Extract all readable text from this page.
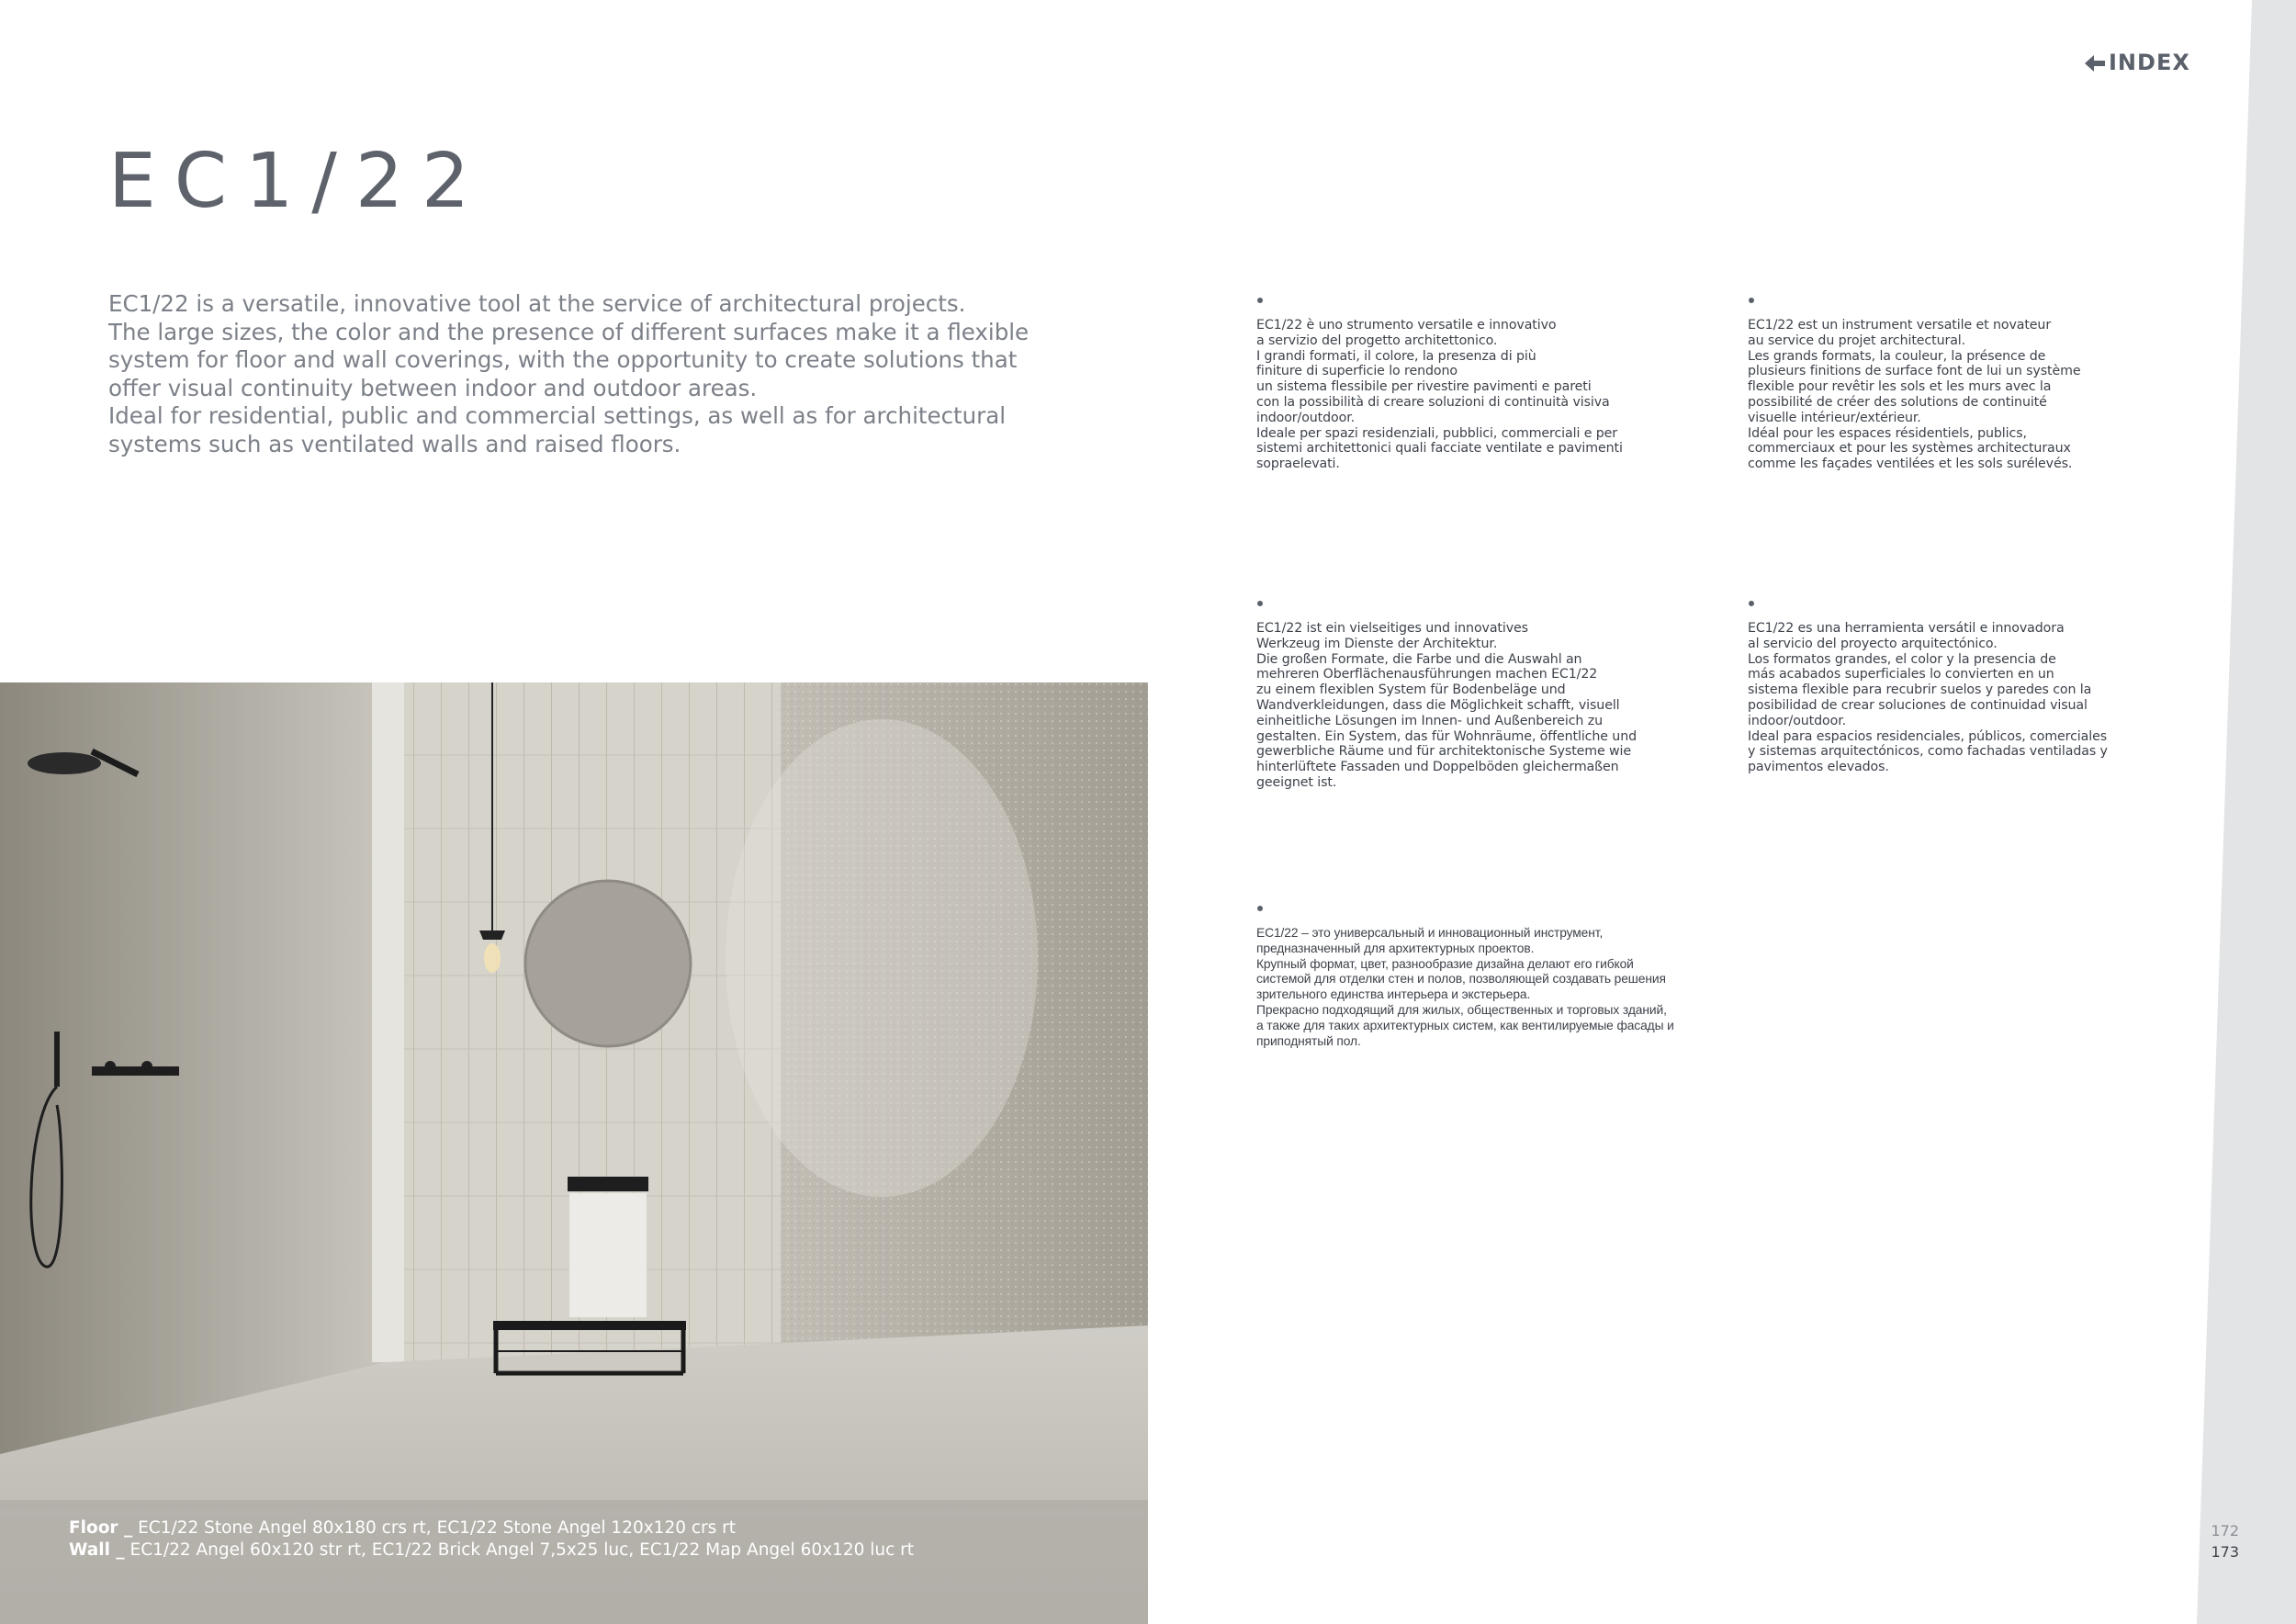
INDEX
EC1/22

EC1/22 is a versatile, innovative tool at the service of architectural projects.

The large sizes, the color and the presence of different surfaces make it a flexible

system for floor and wall coverings, with the opportunity to create solutions that

offer visual continuity between indoor and outdoor areas.

Ideal for residential, public and commercial settings, as well as for architectural

systems such as ventilated walls and raised floors.

EC1/22 è uno strumento versatile e innovativo

a servizio del progetto architettonico.

I grandi formati, il colore, la presenza di più

finiture di superficie lo rendono

un sistema flessibile per rivestire pavimenti e pareti

con la possibilità di creare soluzioni di continuità visiva

indoor/outdoor.

Ideale per spazi residenziali, pubblici, commerciali e per

sistemi architettonici quali facciate ventilate e pavimenti

sopraelevati.

EC1/22 est un instrument versatile et novateur

au service du projet architectural.

Les grands formats, la couleur, la présence de

plusieurs finitions de surface font de lui un système

flexible pour revêtir les sols et les murs avec la

possibilité de créer des solutions de continuité

visuelle intérieur/extérieur.

Idéal pour les espaces résidentiels, publics,

commerciaux et pour les systèmes architecturaux

comme les façades ventilées et les sols surélevés.

EC1/22 ist ein vielseitiges und innovatives

Werkzeug im Dienste der Architektur.

Die großen Formate, die Farbe und die Auswahl an

mehreren Oberflächenausführungen machen EC1/22

zu einem flexiblen System für Bodenbeläge und

Wandverkleidungen, dass die Möglichkeit schafft, visuell

einheitliche Lösungen im Innen- und Außenbereich zu

gestalten. Ein System, das für Wohnräume, öffentliche und

gewerbliche Räume und für architektonische Systeme wie

hinterlüftete Fassaden und Doppelböden gleichermaßen

geeignet ist.

EC1/22 es una herramienta versátil e innovadora

al servicio del proyecto arquitectónico.

Los formatos grandes, el color y la presencia de

más acabados superficiales lo convierten en un

sistema flexible para recubrir suelos y paredes con la

posibilidad de crear soluciones de continuidad visual

indoor/outdoor.

Ideal para espacios residenciales, públicos, comerciales

y sistemas arquitectónicos, como fachadas ventiladas y

pavimentos elevados.

EC1/22 – это универсальный и инновационный инструмент,

предназначенный для архитектурных проектов.

Крупный формат, цвет, разнообразие дизайна делают его гибкой

системой для отделки стен и полов, позволяющей создавать решения

зрительного единства интерьера и экстерьера.

Прекрасно подходящий для жилых, общественных и торговых зданий,

а также для таких архитектурных систем, как вентилируемые фасады и

приподнятый пол.

Floor _ EC1/22 Stone Angel 80x180 crs rt, EC1/22 Stone Angel 120x120 crs rt
Wall _ EC1/22 Angel 60x120 str rt, EC1/22 Brick Angel 7,5x25 luc, EC1/22 Map Angel 60x120 luc rt
172
173
